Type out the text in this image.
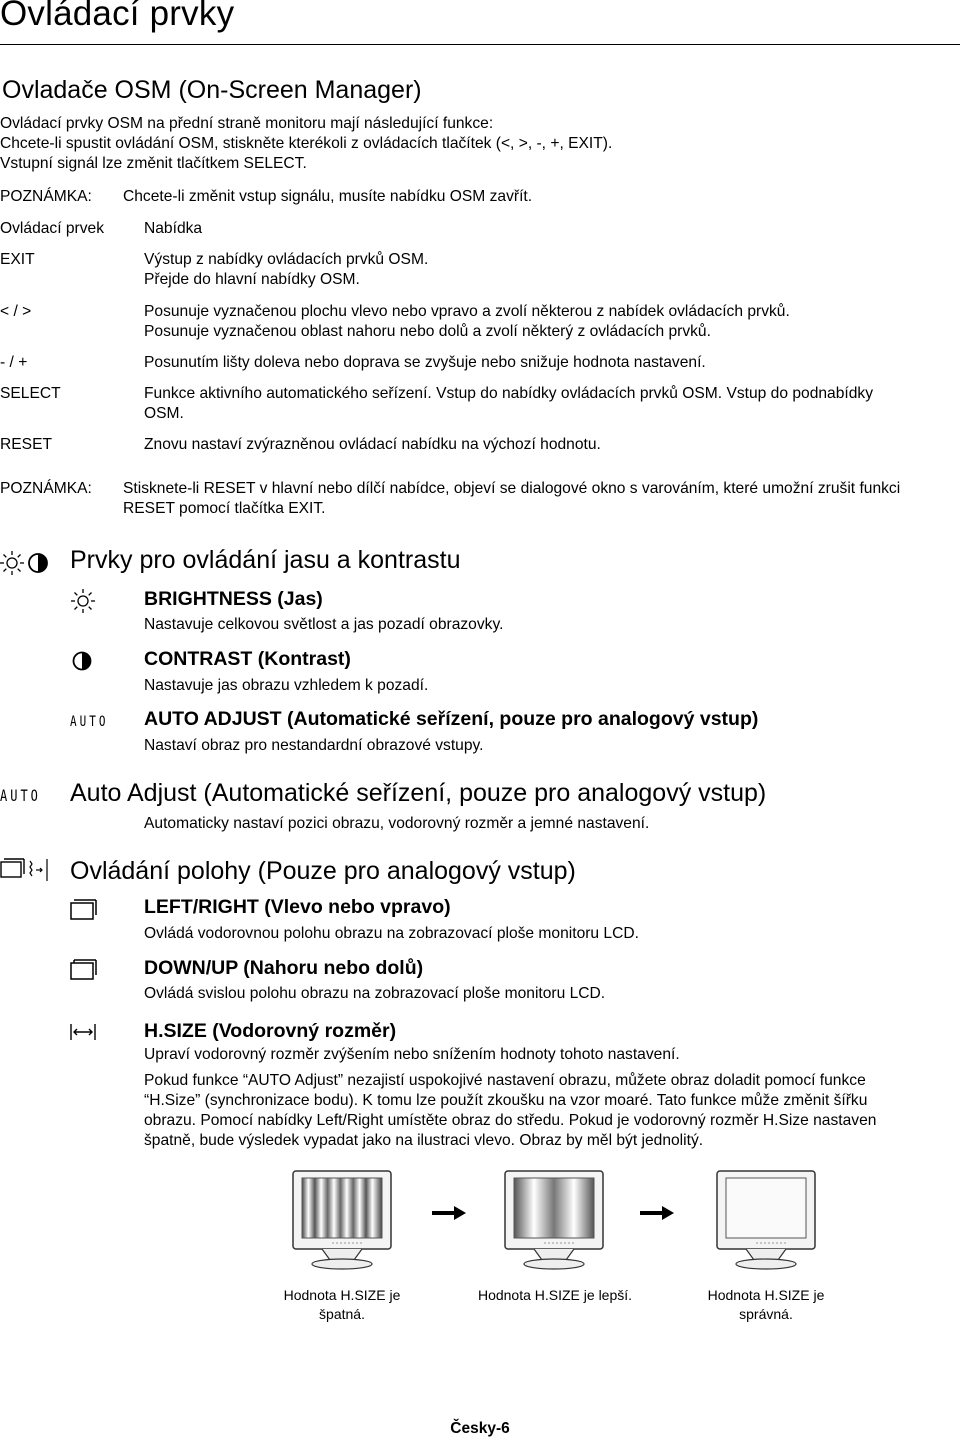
Ovládací prvky
Ovladače OSM (On-Screen Manager)
Ovládací prvky OSM na přední straně monitoru mají následující funkce:
Chcete-li spustit ovládání OSM, stiskněte kterékoli z ovládacích tlačítek (<, >, -, +, EXIT).
Vstupní signál lze změnit tlačítkem SELECT.
POZNÁMKA: Chcete-li změnit vstup signálu, musíte nabídku OSM zavřít.
Ovládací prvek	Nabídka
EXIT	Výstup z nabídky ovládacích prvků OSM.
Přejde do hlavní nabídky OSM.
< / >	Posunuje vyznačenou plochu vlevo nebo vpravo a zvolí některou z nabídek ovládacích prvků.
Posunuje vyznačenou oblast nahoru nebo dolů a zvolí některý z ovládacích prvků.
- / +	Posunutím lišty doleva nebo doprava se zvyšuje nebo snižuje hodnota nastavení.
SELECT	Funkce aktivního automatického seřízení. Vstup do nabídky ovládacích prvků OSM. Vstup do podnabídky
OSM.
RESET	Znovu nastaví zvýrazněnou ovládací nabídku na výchozí hodnotu.
POZNÁMKA: Stisknete-li RESET v hlavní nebo dílčí nabídce, objeví se dialogové okno s varováním, které umožní zrušit funkci
RESET pomocí tlačítka EXIT.
Prvky pro ovládání jasu a kontrastu
BRIGHTNESS (Jas)
Nastavuje celkovou světlost a jas pozadí obrazovky.
CONTRAST (Kontrast)
Nastavuje jas obrazu vzhledem k pozadí.
AUTO AUTO ADJUST (Automatické seřízení, pouze pro analogový vstup)
Nastaví obraz pro nestandardní obrazové vstupy.
AUTO Auto Adjust (Automatické seřízení, pouze pro analogový vstup)
Automaticky nastaví pozici obrazu, vodorovný rozměr a jemné nastavení.
Ovládání polohy (Pouze pro analogový vstup)
LEFT/RIGHT (Vlevo nebo vpravo)
Ovládá vodorovnou polohu obrazu na zobrazovací ploše monitoru LCD.
DOWN/UP (Nahoru nebo dolů)
Ovládá svislou polohu obrazu na zobrazovací ploše monitoru LCD.
H.SIZE (Vodorovný rozměr)
Upraví vodorovný rozměr zvýšením nebo snížením hodnoty tohoto nastavení.
Pokud funkce “AUTO Adjust” nezajistí uspokojivé nastavení obrazu, můžete obraz doladit pomocí funkce
“H.Size” (synchronizace bodu). K tomu lze použít zkoušku na vzor moaré. Tato funkce může změnit šířku
obrazu. Pomocí nabídky Left/Right umístěte obraz do středu. Pokud je vodorovný rozměr H.Size nastaven
špatně, bude výsledek vypadat jako na ilustraci vlevo. Obraz by měl být jednolitý.
Hodnota H.SIZE je
špatná.
Hodnota H.SIZE je lepší.	Hodnota H.SIZE je
správná.
Česky-6
